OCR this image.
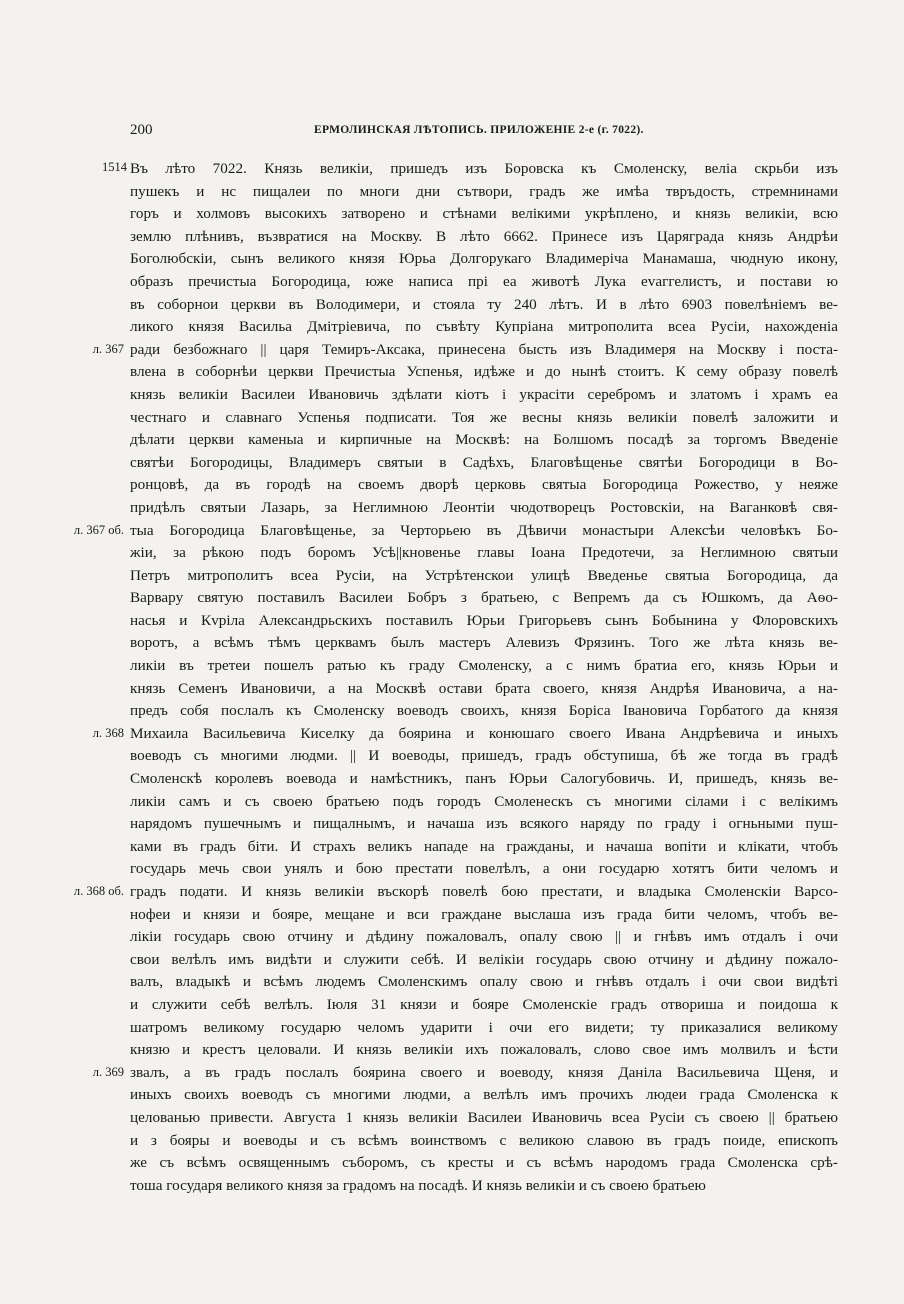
200	ЕРМОЛИНСКАЯ ЛѢТОПИСЬ. ПРИЛОЖЕНІЕ 2-е (г. 7022).
1514
л. 367
л. 367 об.
л. 368
л. 368 об.
л. 369
Въ лѣто 7022. Князь великіи, пришедъ изъ Боровска къ Смоленску, веліа скрьби изъ
пушекъ и нс пищалеи по многи дни сътвори, градъ же имѣа твръдость, стремнинами
горъ и холмовъ высокихъ затворено и стѣнами велікими укрѣплено, и князь великіи, всю
землю плѣнивъ, възвратися на Москву. В лѣто 6662. Принесе изъ Царяграда князь Андрѣи
Боголюбскіи, сынъ великого князя Юрьа Долгорукаго Владимеріча Манамаша, чюдную икону,
образъ пречистыа Богородица, юже написа прі еа животѣ Лука еvаггелистъ, и постави ю
въ соборнои церкви въ Володимери, и стояла ту 240 лѣтъ. И в лѣто 6903 повелѣніемъ ве-
ликого князя Васильа Дмітріевича, по съвѣту Купріана митрополита всеа Русіи, нахожденіа
ради безбожнаго || царя Темиръ-Аксака, принесена бысть изъ Владимеря на Москву і поста-
влена в соборнѣи церкви Пречистыа Успенья, идѣже и до нынѣ стоитъ. К сему образу повелѣ
князь великіи Василеи Ивановичь здѣлати кіотъ і украсіти серебромъ и златомъ і храмъ еа
честнаго и славнаго Успенья подписати. Тоя же весны князь великіи повелѣ заложити и
дѣлати церкви каменыа и кирпичные на Москвѣ: на Болшомъ посадѣ за торгомъ Введеніе
святѣи Богородицы, Владимеръ святыи в Садѣхъ, Благовѣщенье святѣи Богородици в Во-
ронцовѣ, да въ городѣ на своемъ дворѣ церковь святыа Богородица Рожество, у неяже
придѣлъ святыи Лазарь, за Неглимною Леонтіи чюдотворецъ Ростовскіи, на Ваганковѣ свя-
тыа Богородица Благовѣщенье, за Черторьею въ Дѣвичи монастыри Алексѣи человѣкъ Бо-
жіи, за рѣкою подъ боромъ Усѣ||кновенье главы Іоана Предотечи, за Неглимною святыи
Петръ митрополитъ всеа Русіи, на Устрѣтенскои улицѣ Введенье святыа Богородица, да
Варвару святую поставилъ Василеи Бобръ з братьею, с Вепремъ да съ Юшкомъ, да Аѳо-
насья и Кvріла Александрьскихъ поставилъ Юрьи Григорьевъ сынъ Бобынина у Флоровскихъ
воротъ, а всѣмъ тѣмъ церквамъ былъ мастеръ Алевизъ Фрязинъ. Того же лѣта князь ве-
ликіи въ третеи пошелъ ратью къ граду Смоленску, а с нимъ братиа его, князь Юрьи и
князь Семенъ Ивановичи, а на Москвѣ остави брата своего, князя Андрѣя Ивановича, а на-
предъ собя послалъ къ Смоленску воеводъ своихъ, князя Боріса Івановича Горбатого да князя
Михаила Васильевича Киселку да боярина и конюшаго своего Ивана Андрѣевича и иныхъ
воеводъ съ многими людми. || И воеводы, пришедъ, градъ обступиша, бѣ же тогда въ градѣ
Смоленскѣ королевъ воевода и намѣстникъ, панъ Юрьи Салогубовичь. И, пришедъ, князь ве-
ликіи самъ и съ своею братьею подъ городъ Смоленескъ съ многими сілами і с велікимъ
нарядомъ пушечнымъ и пищалнымъ, и начаша изъ всякого наряду по граду і огньными пуш-
ками въ градъ біти. И страхъ великъ нападе на гражданы, и начаша вопіти и клікати, чтобъ
государь мечь свои унялъ и бою престати повелѣлъ, а они государю хотятъ бити челомъ и
градъ подати. И князь великіи въскорѣ повелѣ бою престати, и владыка Смоленскіи Варсо-
нофеи и князи и бояре, мещане и вси граждане выслаша изъ града бити челомъ, чтобъ ве-
лікіи государь свою отчину и дѣдину пожаловалъ, опалу свою || и гнѣвъ имъ отдалъ і очи
свои велѣлъ имъ видѣти и служити себѣ. И велікіи государь свою отчину и дѣдину пожало-
валъ, владыкѣ и всѣмъ людемъ Смоленскимъ опалу свою и гнѣвъ отдалъ і очи свои видѣті
и служити себѣ велѣлъ. Іюля 31 князи и бояре Смоленскіе градъ отвориша и поидоша к
шатромъ великому государю челомъ ударити і очи его видети; ту приказалися великому
князю и крестъ целовали. И князь великіи ихъ пожаловалъ, слово свое имъ молвилъ и ѣсти
звалъ, а въ градъ послалъ боярина своего и воеводу, князя Даніла Васильевича Щеня, и
иныхъ своихъ воеводъ съ многими людми, а велѣлъ имъ прочихъ людеи града Смоленска к
целованью привести. Августа 1 князь великіи Василеи Ивановичь всеа Русіи съ своею || братьею
и з бояры и воеводы и съ всѣмъ воинствомъ с великою славою въ градъ поиде, епископъ
же съ всѣмъ освященнымъ съборомъ, съ кресты и съ всѣмъ народомъ града Смоленска срѣ-
тоша государя великого князя за градомъ на посадѣ. И князь великіи и съ своею братьею
